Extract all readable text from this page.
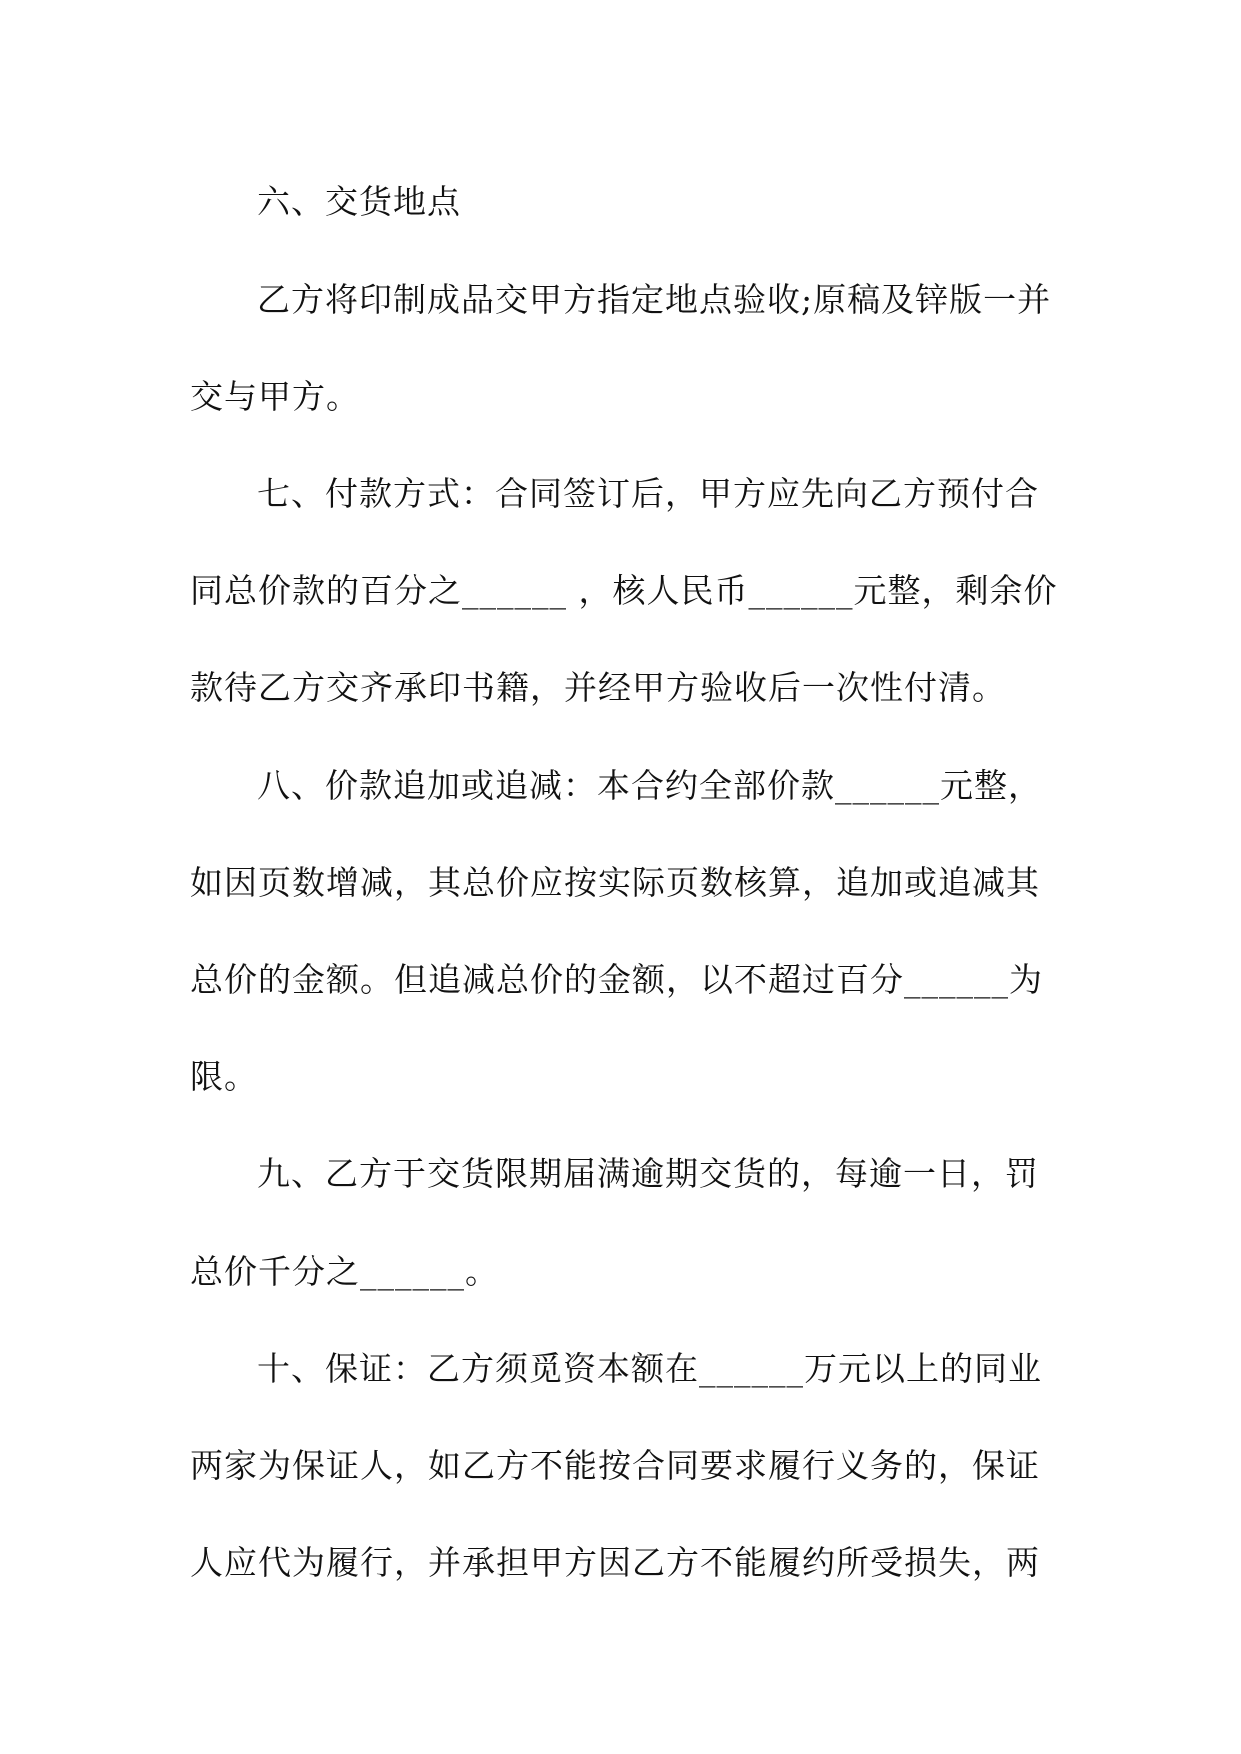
六、交货地点
乙方将印制成品交甲方指定地点验收;原稿及锌版一并
交与甲方。
七、付款方式：合同签订后，甲方应先向乙方预付合
同总价款的百分之______ ，核人民币______元整，剩余价
款待乙方交齐承印书籍，并经甲方验收后一次性付清。
八、价款追加或追减：本合约全部价款______元整，
如因页数增减，其总价应按实际页数核算，追加或追减其
总价的金额。但追减总价的金额，以不超过百分______为
限。
九、乙方于交货限期届满逾期交货的，每逾一日，罚
总价千分之______。
十、保证：乙方须觅资本额在______万元以上的同业
两家为保证人，如乙方不能按合同要求履行义务的，保证
人应代为履行，并承担甲方因乙方不能履约所受损失，两
